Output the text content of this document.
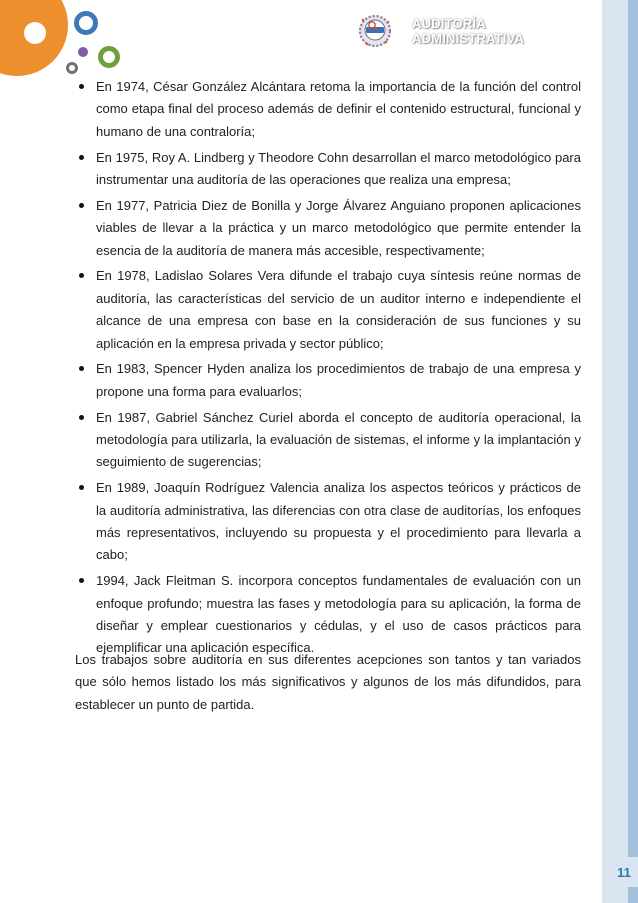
AUDITORÍA ADMINISTRATIVA
En 1974, César González Alcántara retoma la importancia de la función del control como etapa final del proceso además de definir el contenido estructural, funcional y humano de una contraloría;
En 1975, Roy A. Lindberg y Theodore Cohn desarrollan el marco metodológico para instrumentar una auditoría de las operaciones que realiza una empresa;
En 1977, Patricia Diez de Bonilla y Jorge Álvarez Anguiano proponen aplicaciones viables de llevar a la práctica y un marco metodológico que permite entender la esencia de la auditoría de manera más accesible, respectivamente;
En 1978, Ladislao Solares Vera difunde el trabajo cuya síntesis reúne normas de auditoría, las características del servicio de un auditor interno e independiente el alcance de una empresa con base en la consideración de sus funciones y su aplicación en la empresa privada y sector público;
En 1983, Spencer Hyden analiza los procedimientos de trabajo de una empresa y propone una forma para evaluarlos;
En 1987, Gabriel Sánchez Curiel aborda el concepto de auditoría operacional, la metodología para utilizarla, la evaluación de sistemas, el informe y la implantación y seguimiento de sugerencias;
En 1989, Joaquín Rodríguez Valencia analiza los aspectos teóricos y prácticos de la auditoría administrativa, las diferencias con otra clase de auditorías, los enfoques más representativos, incluyendo su propuesta y el procedimiento para llevarla a cabo;
1994, Jack Fleitman S. incorpora conceptos fundamentales de evaluación con un enfoque profundo; muestra las fases y metodología para su aplicación, la forma de diseñar y emplear cuestionarios y cédulas, y el uso de casos prácticos para ejemplificar una aplicación específica.

Los trabajos sobre auditoría en sus diferentes acepciones son tantos y tan variados que sólo hemos listado los más significativos y algunos de los más difundidos, para establecer un punto de partida.

11
